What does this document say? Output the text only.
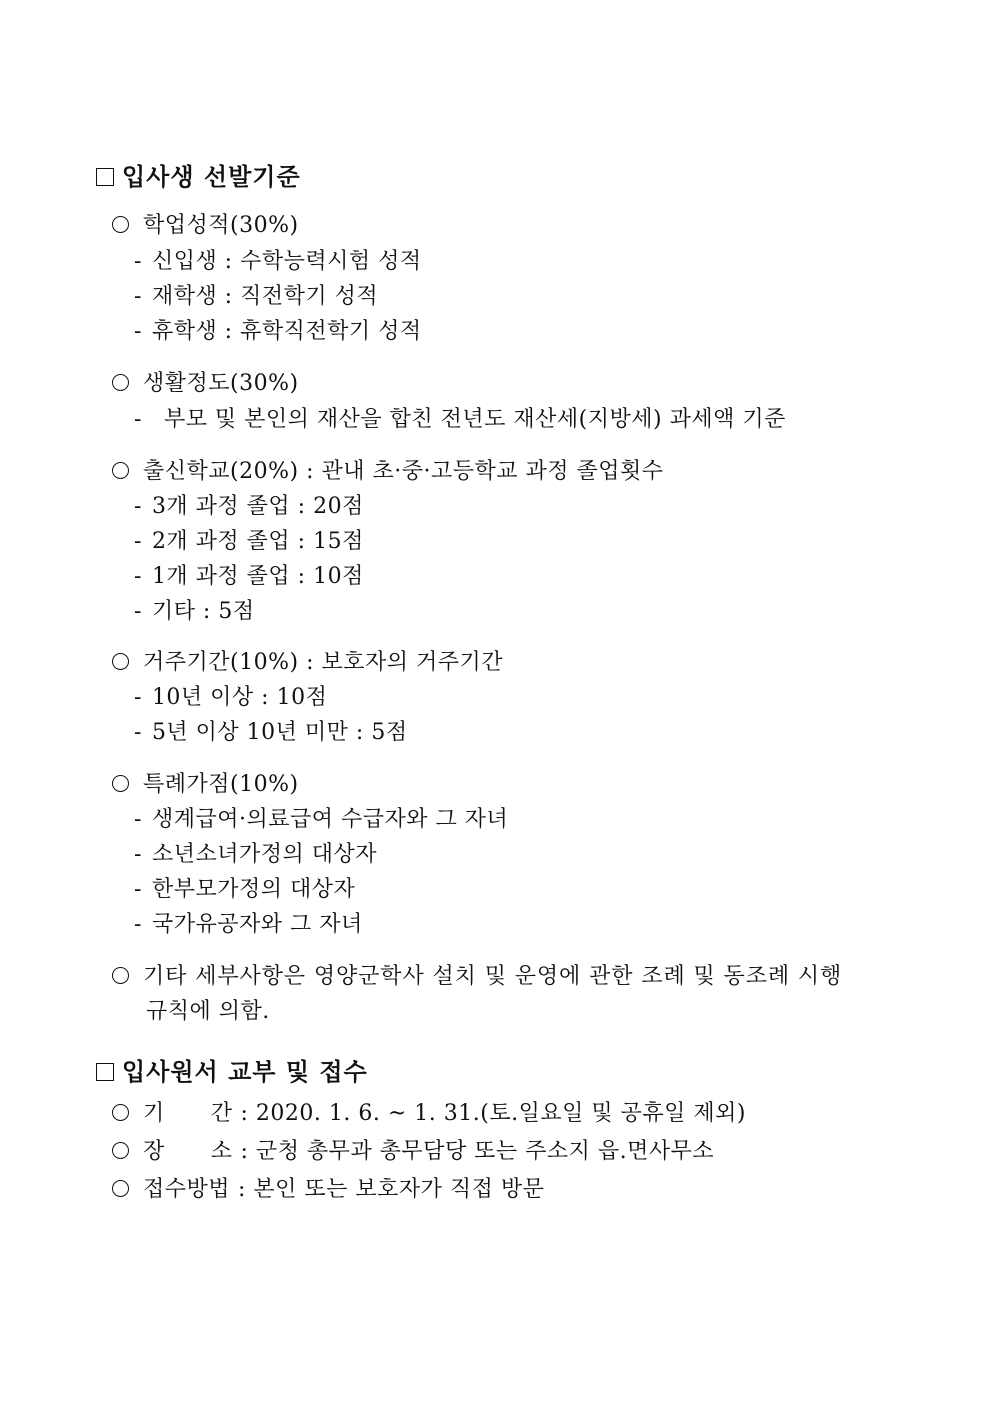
입사생 선발기준
학업성적(30%)
- 신입생 : 수학능력시험 성적
- 재학생 : 직전학기 성적
- 휴학생 : 휴학직전학기 성적
생활정도(30%)
- 부모 및 본인의 재산을 합친 전년도 재산세(지방세) 과세액 기준
출신학교(20%) : 관내 초·중·고등학교 과정 졸업횟수
- 3개 과정 졸업 : 20점
- 2개 과정 졸업 : 15점
- 1개 과정 졸업 : 10점
- 기타 : 5점
거주기간(10%) : 보호자의 거주기간
- 10년 이상 : 10점
- 5년 이상 10년 미만 : 5점
특례가점(10%)
- 생계급여·의료급여 수급자와 그 자녀
- 소년소녀가정의 대상자
- 한부모가정의 대상자
- 국가유공자와 그 자녀
기타 세부사항은 영양군학사 설치 및 운영에 관한 조례 및 동조례 시행
규칙에 의함.
입사원서 교부 및 접수
기 간 : 2020. 1. 6. ~ 1. 31.(토.일요일 및 공휴일 제외)
장 소 : 군청 총무과 총무담당 또는 주소지 읍.면사무소
접수방법 : 본인 또는 보호자가 직접 방문
